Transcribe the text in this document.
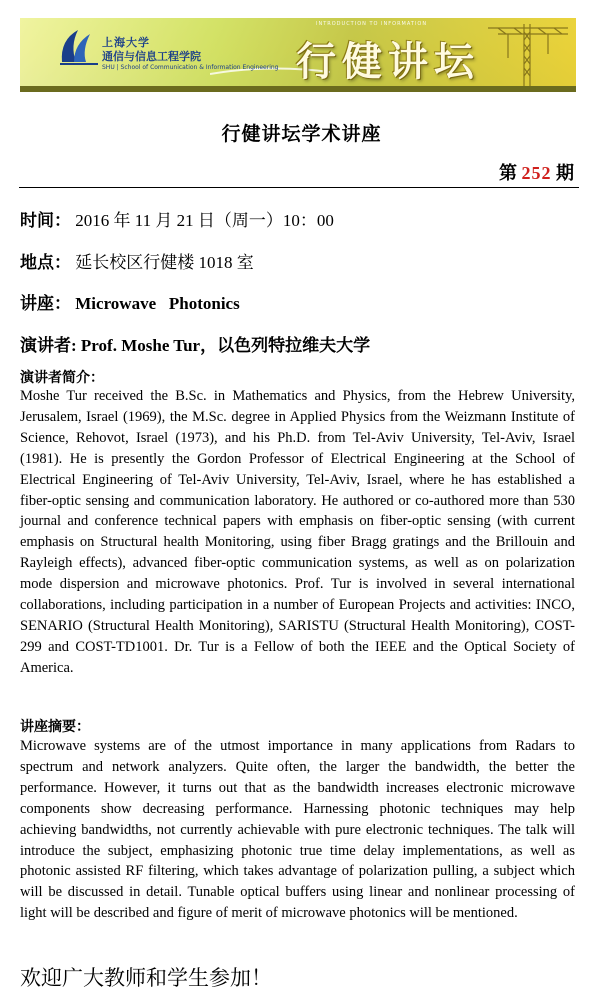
上海大学
通信与信息工程学院
SHU | School of Communication & Information Engineering
INTRODUCTION TO INFORMATION
行健讲坛
行健讲坛学术讲座
第 252 期
时间： 2016 年 11 月 21 日（周一）10：00
地点： 延长校区行健楼 1018 室
讲座： Microwave   Photonics
演讲者: Prof. Moshe Tur，以色列特拉维夫大学
演讲者简介：
Moshe Tur received the B.Sc. in Mathematics and Physics, from the Hebrew University, Jerusalem, Israel (1969), the M.Sc. degree in Applied Physics from the Weizmann Institute of Science, Rehovot, Israel (1973), and his Ph.D. from Tel-Aviv University, Tel-Aviv, Israel (1981). He is presently the Gordon Professor of Electrical Engineering at the School of Electrical Engineering of Tel-Aviv University, Tel-Aviv, Israel, where he has established a fiber-optic sensing and communication laboratory. He authored or co-authored more than 530 journal and conference technical papers with emphasis on fiber-optic sensing (with current emphasis on Structural health Monitoring, using fiber Bragg gratings and the Brillouin and Rayleigh effects), advanced fiber-optic communication systems, as well as on polarization mode dispersion and microwave photonics. Prof. Tur is involved in several international collaborations, including participation in a number of European Projects and activities: INCO, SENARIO (Structural Health Monitoring), SARISTU (Structural Health Monitoring), COST-299 and COST-TD1001. Dr. Tur is a Fellow of both the IEEE and the Optical Society of America.
讲座摘要：
Microwave systems are of the utmost importance in many applications from Radars to spectrum and network analyzers. Quite often, the larger the bandwidth, the better the performance. However, it turns out that as the bandwidth increases electronic microwave components show decreasing performance. Harnessing photonic techniques may help achieving bandwidths, not currently achievable with pure electronic techniques. The talk will introduce the subject, emphasizing photonic true time delay implementations, as well as photonic assisted RF filtering, which takes advantage of polarization pulling, a subject which will be discussed in detail. Tunable optical buffers using linear and nonlinear processing of light will be described and figure of merit of microwave photonics will be mentioned.
欢迎广大教师和学生参加！
